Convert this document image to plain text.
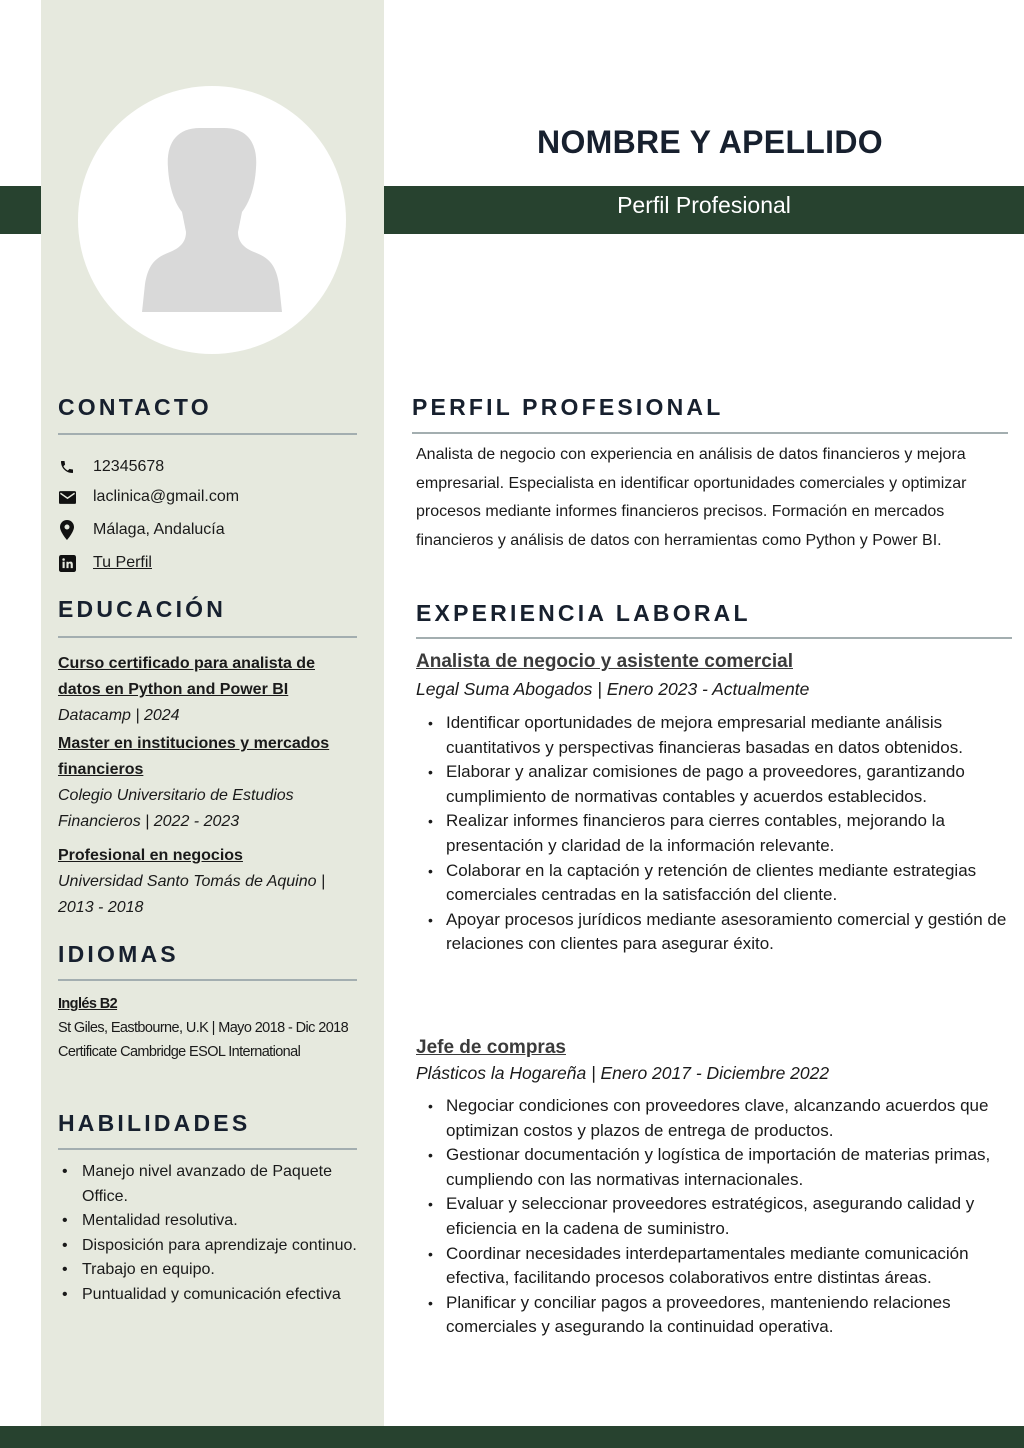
Perfil Profesional
NOMBRE Y APELLIDO
CONTACTO
12345678
laclinica@gmail.com
Málaga, Andalucía
Tu Perfil
EDUCACIÓN
Curso certificado para analista de datos en Python and Power BI
Datacamp | 2024
Master en instituciones y mercados financieros
Colegio Universitario de Estudios Financieros | 2022 - 2023
Profesional en negocios
Universidad Santo Tomás de Aquino | 2013 - 2018
IDIOMAS
Inglés B2
St Giles, Eastbourne, U.K | Mayo 2018 - Dic 2018
Certificate Cambridge ESOL International
HABILIDADES
• Manejo nivel avanzado de Paquete Office.
• Mentalidad resolutiva.
• Disposición para aprendizaje continuo.
• Trabajo en equipo.
• Puntualidad y comunicación efectiva
PERFIL PROFESIONAL
Analista de negocio con experiencia en análisis de datos financieros y mejora empresarial. Especialista en identificar oportunidades comerciales y optimizar procesos mediante informes financieros precisos. Formación en mercados financieros y análisis de datos con herramientas como Python y Power BI.
EXPERIENCIA LABORAL
Analista de negocio y asistente comercial
Legal Suma Abogados | Enero 2023 - Actualmente
• Identificar oportunidades de mejora empresarial mediante análisis cuantitativos y perspectivas financieras basadas en datos obtenidos.
• Elaborar y analizar comisiones de pago a proveedores, garantizando cumplimiento de normativas contables y acuerdos establecidos.
• Realizar informes financieros para cierres contables, mejorando la presentación y claridad de la información relevante.
• Colaborar en la captación y retención de clientes mediante estrategias comerciales centradas en la satisfacción del cliente.
• Apoyar procesos jurídicos mediante asesoramiento comercial y gestión de relaciones con clientes para asegurar éxito.
Jefe de compras
Plásticos la Hogareña | Enero 2017 - Diciembre 2022
• Negociar condiciones con proveedores clave, alcanzando acuerdos que optimizan costos y plazos de entrega de productos.
• Gestionar documentación y logística de importación de materias primas, cumpliendo con las normativas internacionales.
• Evaluar y seleccionar proveedores estratégicos, asegurando calidad y eficiencia en la cadena de suministro.
• Coordinar necesidades interdepartamentales mediante comunicación efectiva, facilitando procesos colaborativos entre distintas áreas.
• Planificar y conciliar pagos a proveedores, manteniendo relaciones comerciales y asegurando la continuidad operativa.
